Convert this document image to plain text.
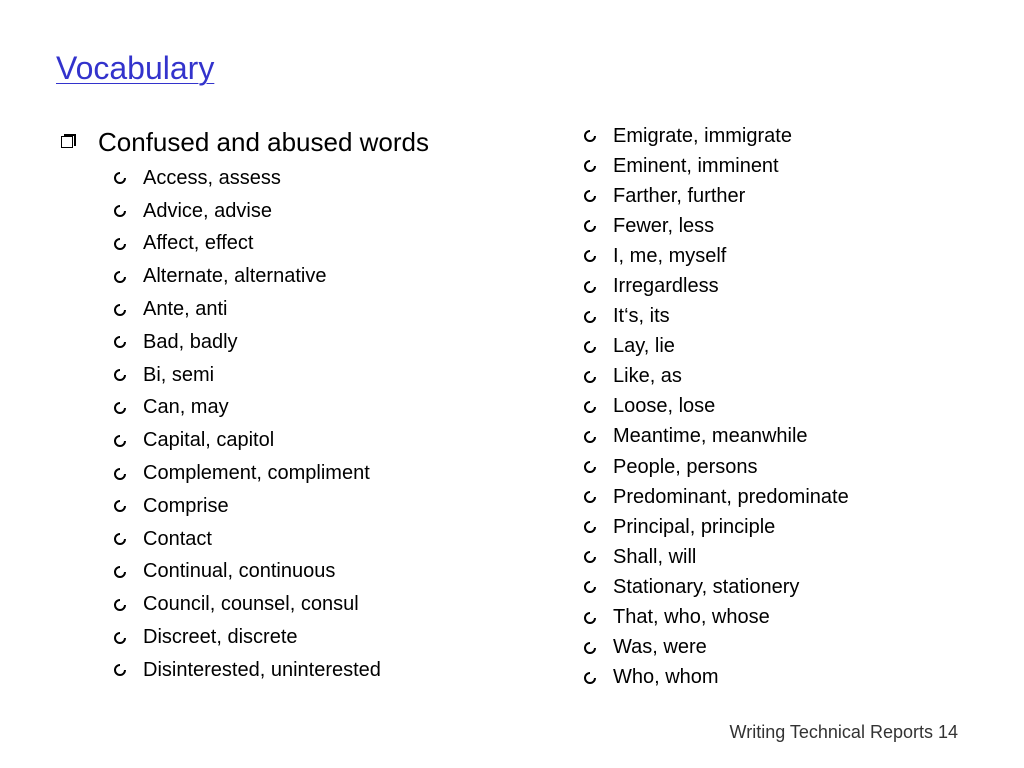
Vocabulary
Confused and abused words
Access, assess
Advice, advise
Affect, effect
Alternate, alternative
Ante, anti
Bad, badly
Bi, semi
Can, may
Capital, capitol
Complement, compliment
Comprise
Contact
Continual, continuous
Council, counsel, consul
Discreet, discrete
Disinterested, uninterested
Emigrate, immigrate
Eminent, imminent
Farther, further
Fewer, less
I, me, myself
Irregardless
It‘s, its
Lay, lie
Like, as
Loose, lose
Meantime, meanwhile
People, persons
Predominant, predominate
Principal, principle
Shall, will
Stationary, stationery
That, who, whose
Was, were
Who, whom
Writing Technical Reports 14
